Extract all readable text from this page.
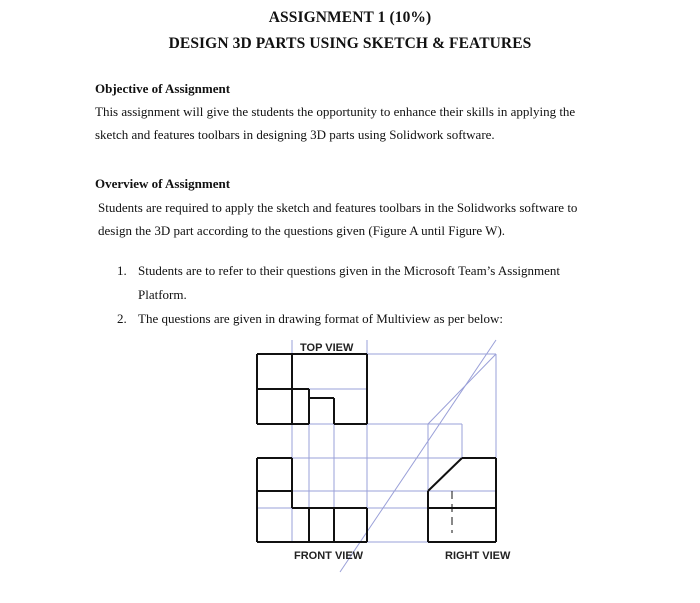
ASSIGNMENT 1 (10%)
DESIGN 3D PARTS USING SKETCH & FEATURES
Objective of Assignment
This assignment will give the students the opportunity to enhance their skills in applying the
sketch and features toolbars in designing 3D parts using Solidwork software.
Overview of Assignment
Students are required to apply the sketch and features toolbars in the Solidworks software to
design the 3D part according to the questions given (Figure A until Figure W).
1. Students are to refer to their questions given in the Microsoft Team’s Assignment
Platform.
2. The questions are given in drawing format of Multiview as per below:
TOP VIEW
FRONT VIEW	RIGHT VIEW
